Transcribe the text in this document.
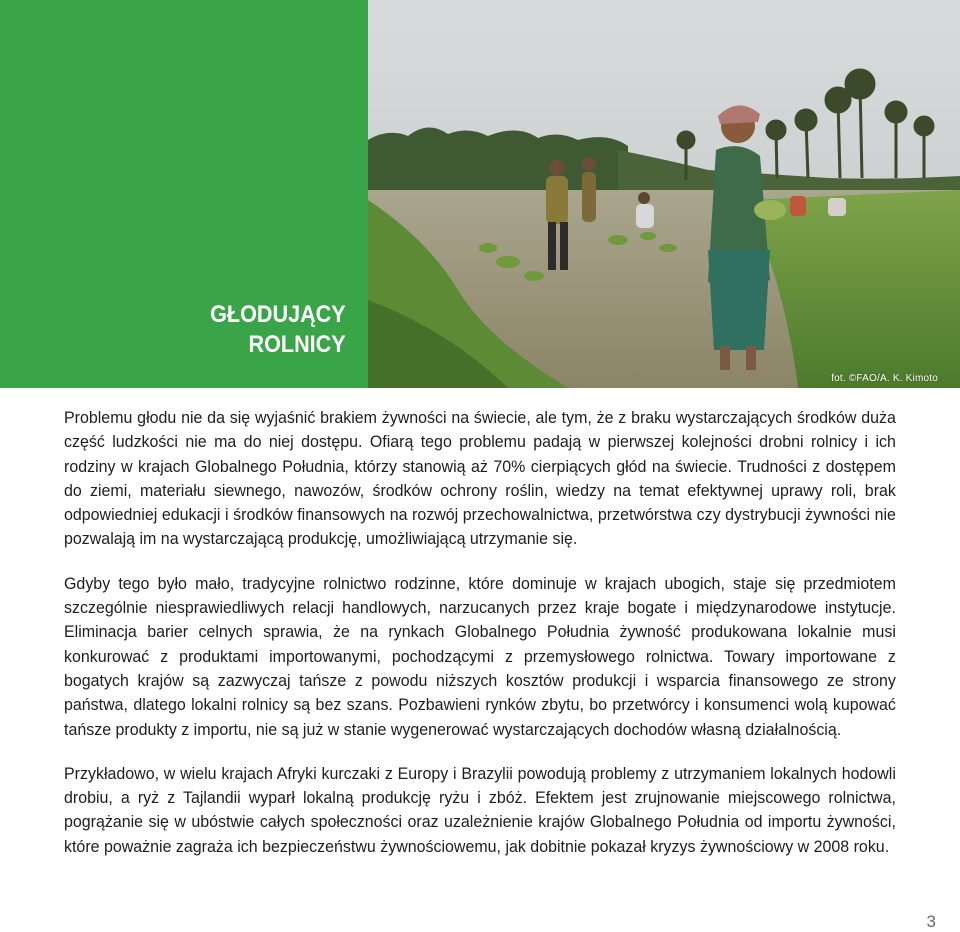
GŁODUJĄCY
ROLNICY
fot. ©FAO/A. K. Kimoto

Problemu głodu nie da się wyjaśnić brakiem żywności na świecie, ale tym, że z braku wystarczających środków duża część ludzkości nie ma do niej dostępu. Ofiarą tego problemu padają w pierwszej kolejności drobni rolnicy i ich rodziny w krajach Globalnego Południa, którzy stanowią aż 70% cierpiących głód na świecie. Trudności z dostępem do ziemi, materiału siewnego, nawozów, środków ochrony roślin, wiedzy na temat efektywnej uprawy roli, brak odpowiedniej edukacji i środków finansowych na rozwój przechowalnictwa, przetwórstwa czy dystrybucji żywności nie pozwalają im na wystarczającą produkcję, umożliwiającą utrzymanie się.

Gdyby tego było mało, tradycyjne rolnictwo rodzinne, które dominuje w krajach ubogich, staje się przedmiotem szczególnie niesprawiedliwych relacji handlowych, narzucanych przez kraje bogate i międzynarodowe instytucje. Eliminacja barier celnych sprawia, że na rynkach Globalnego Południa żywność produkowana lokalnie musi konkurować z produktami importowanymi, pochodzącymi z przemysłowego rolnictwa. Towary importowane z bogatych krajów są zazwyczaj tańsze z powodu niższych kosztów produkcji i wsparcia finansowego ze strony państwa, dlatego lokalni rolnicy są bez szans. Pozbawieni rynków zbytu, bo przetwórcy i konsumenci wolą kupować tańsze produkty z importu, nie są już w stanie wygenerować wystarczających dochodów własną działalnością.

Przykładowo, w wielu krajach Afryki kurczaki z Europy i Brazylii powodują problemy z utrzymaniem lokalnych hodowli drobiu, a ryż z Tajlandii wyparł lokalną produkcję ryżu i zbóż. Efektem jest zrujnowanie miejscowego rolnictwa, pogrążanie się w ubóstwie całych społeczności oraz uzależnienie krajów Globalnego Południa od importu żywności, które poważnie zagraża ich bezpieczeństwu żywnościowemu, jak dobitnie pokazał kryzys żywnościowy w 2008 roku.

3
